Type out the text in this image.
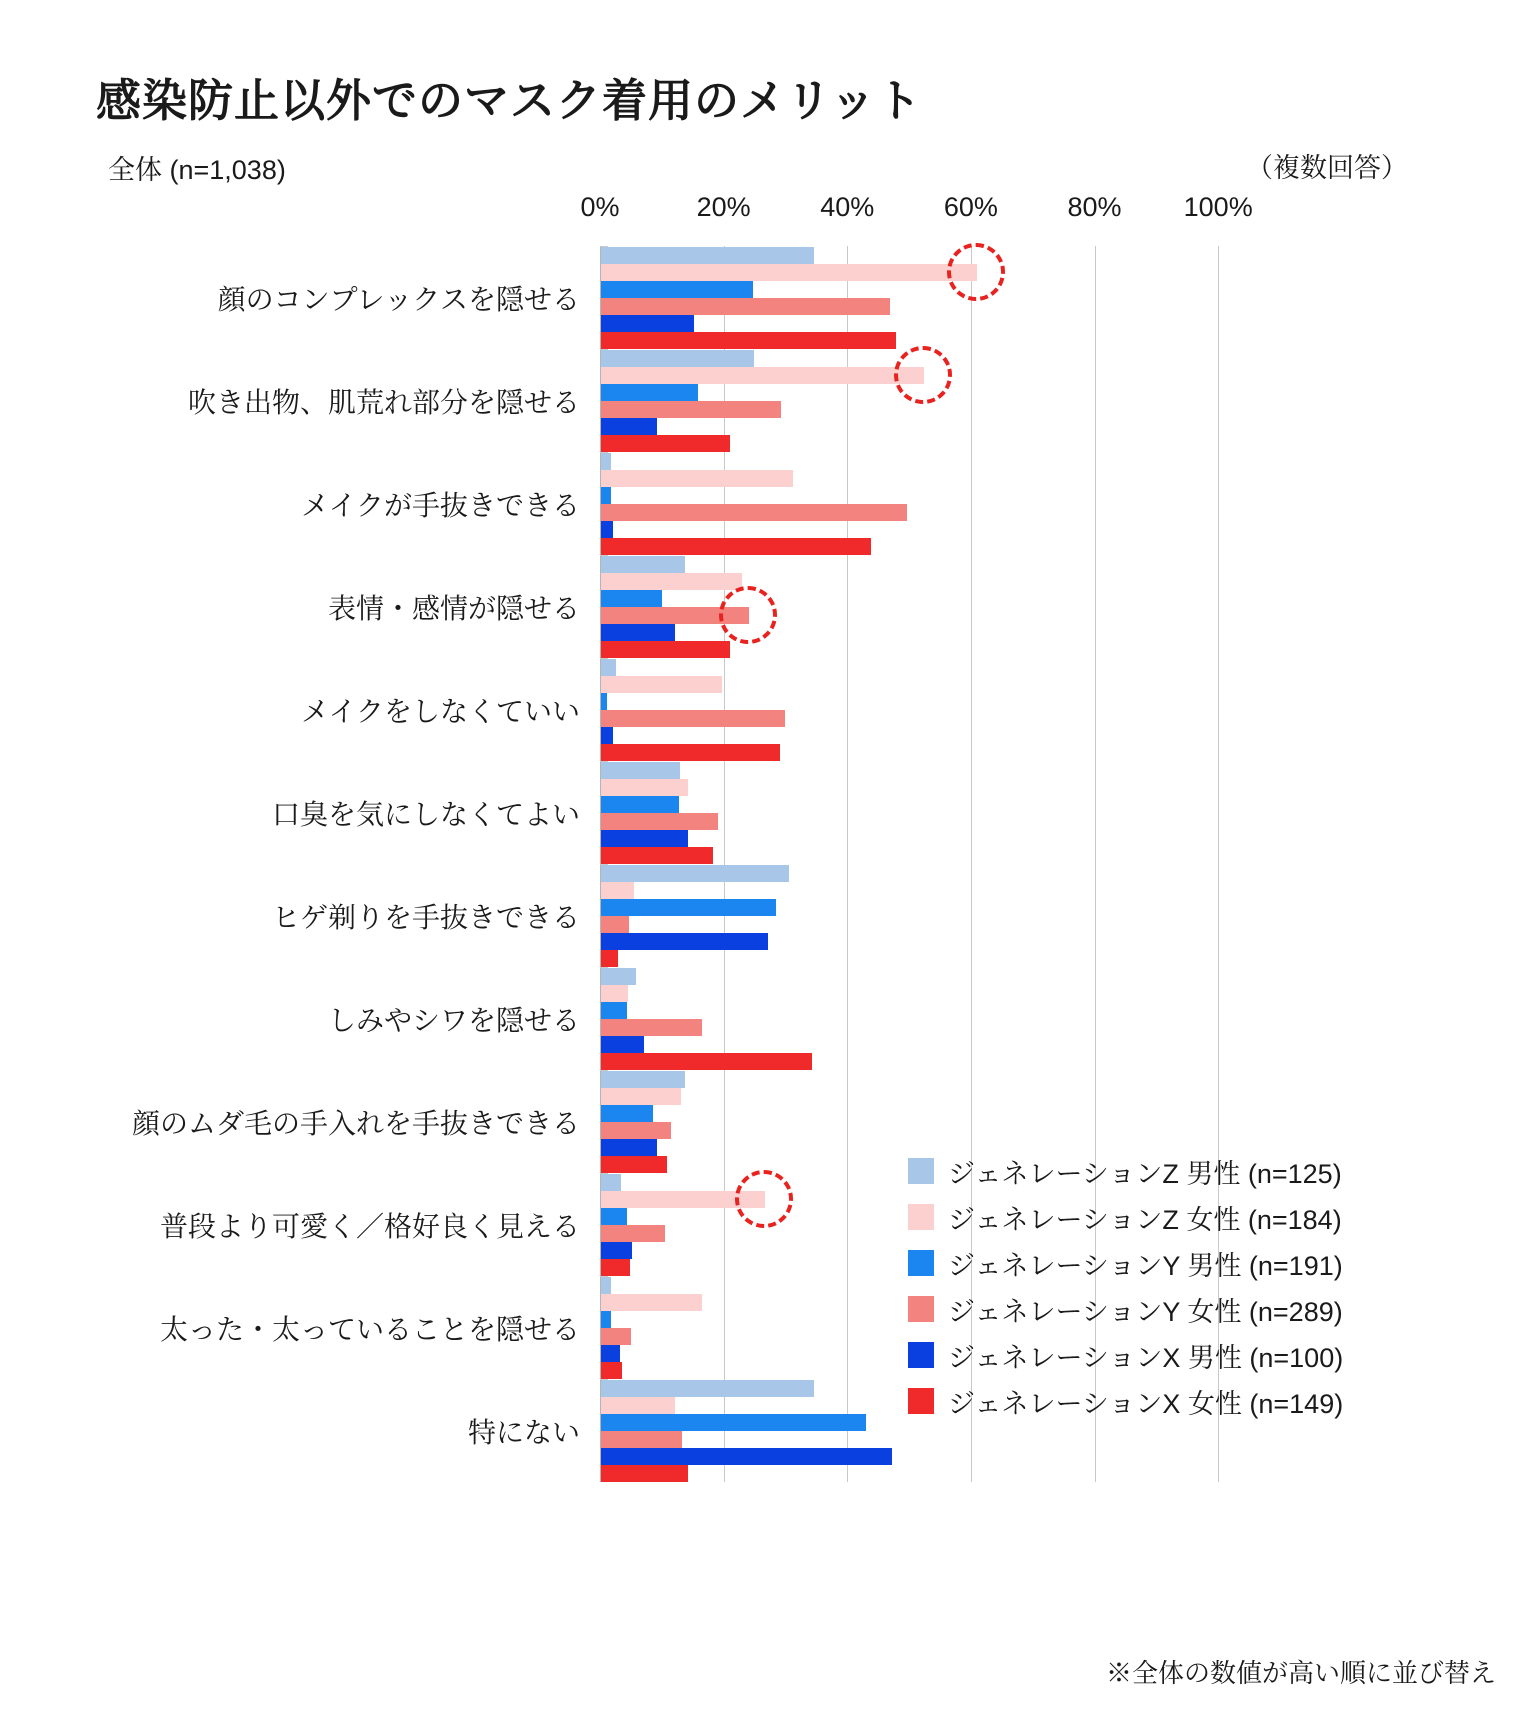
感染防止以外でのマスク着用のメリット
全体 (n=1,038)	（複数回答）
0%	20%	40%	60%	80% 100%
顔のコンプレックスを隠せる
吹き出物、肌荒れ部分を隠せる
メイクが手抜きできる
表情・感情が隠せる
メイクをしなくていい
口臭を気にしなくてよい
ヒゲ剃りを手抜きできる
しみやシワを隠せる
顔のムダ毛の手入れを手抜きできる
普段より可愛く／格好良く見える
太った・太っていることを隠せる
特にない
ジェネレーションZ 男性 (n=125)
ジェネレーションZ 女性 (n=184)
ジェネレーションY 男性 (n=191)
ジェネレーションY 女性 (n=289)
ジェネレーションX 男性 (n=100)
ジェネレーションX 女性 (n=149)
※全体の数値が高い順に並び替え
